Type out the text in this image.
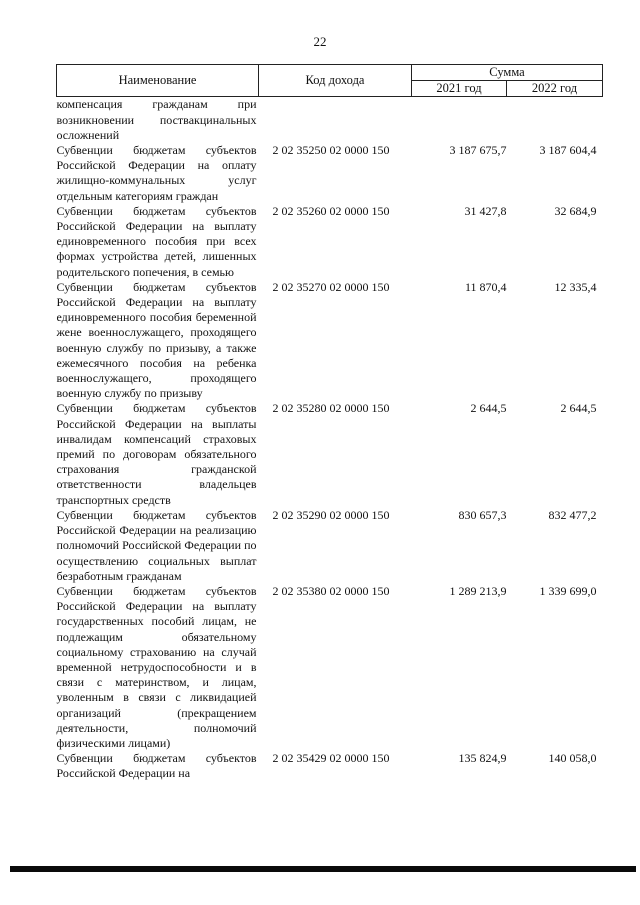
22
Наименование	Код дохода	Сумма	
		2021 год	2022 год
компенсация гражданам при возникновении поствакцинальных осложнений			
Субвенции бюджетам субъектов Российской Федерации на оплату жилищно-коммунальных услуг отдельным категориям граждан	2 02 35250 02 0000 150	3 187 675,7	3 187 604,4
Субвенции бюджетам субъектов Российской Федерации на выплату единовременного пособия при всех формах устройства детей, лишенных родительского попечения, в семью	2 02 35260 02 0000 150	31 427,8	32 684,9
Субвенции бюджетам субъектов Российской Федерации на выплату единовременного пособия беременной жене военнослужащего, проходящего военную службу по призыву, а также ежемесячного пособия на ребенка военнослужащего, проходящего военную службу по призыву	2 02 35270 02 0000 150	11 870,4	12 335,4
Субвенции бюджетам субъектов Российской Федерации на выплаты инвалидам компенсаций страховых премий по договорам обязательного страхования гражданской ответственности владельцев транспортных средств	2 02 35280 02 0000 150	2 644,5	2 644,5
Субвенции бюджетам субъектов Российской Федерации на реализацию полномочий Российской Федерации по осуществлению социальных выплат безработным гражданам	2 02 35290 02 0000 150	830 657,3	832 477,2
Субвенции бюджетам субъектов Российской Федерации на выплату государственных пособий лицам, не подлежащим обязательному социальному страхованию на случай временной нетрудоспособности и в связи с материнством, и лицам, уволенным в связи с ликвидацией организаций (прекращением деятельности, полномочий физическими лицами)	2 02 35380 02 0000 150	1 289 213,9	1 339 699,0
Субвенции бюджетам субъектов Российской Федерации на	2 02 35429 02 0000 150	135 824,9	140 058,0
